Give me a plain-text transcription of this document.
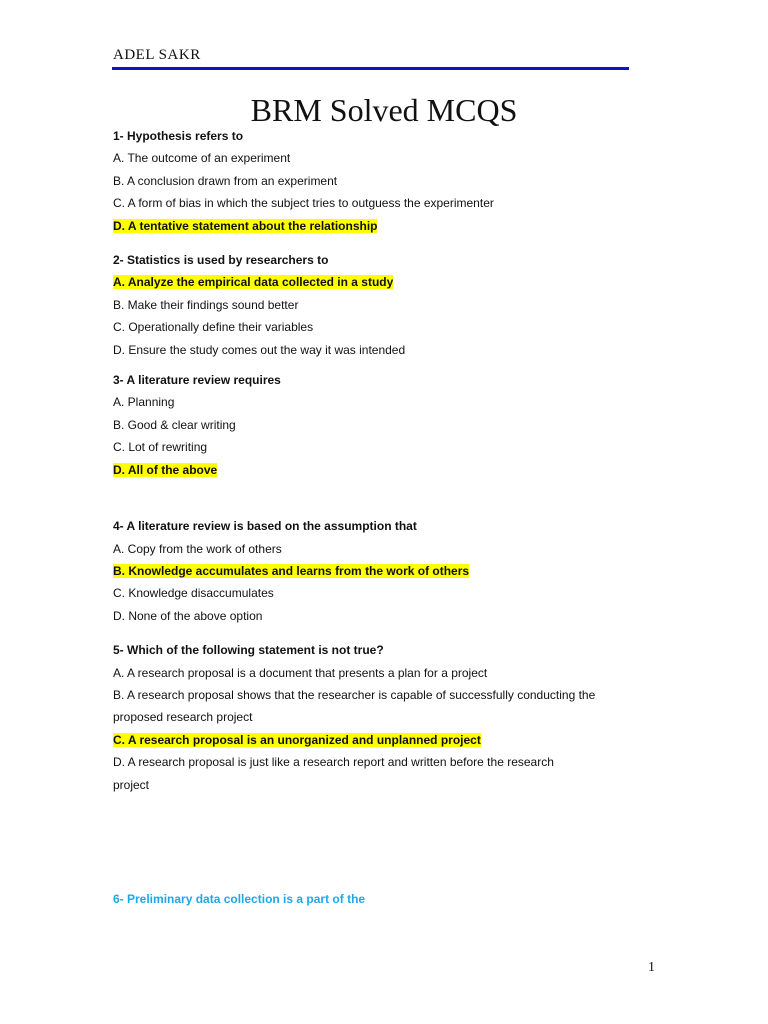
ADEL SAKR
BRM Solved MCQS
1- Hypothesis refers to
A. The outcome of an experiment
B. A conclusion drawn from an experiment
C. A form of bias in which the subject tries to outguess the experimenter
D. A tentative statement about the relationship
2- Statistics is used by researchers to
A. Analyze the empirical data collected in a study
B. Make their findings sound better
C. Operationally define their variables
D. Ensure the study comes out the way it was intended
3- A literature review requires
A. Planning
B. Good & clear writing
C. Lot of rewriting
D. All of the above
4- A literature review is based on the assumption that
A. Copy from the work of others
B. Knowledge accumulates and learns from the work of others
C. Knowledge disaccumulates
D. None of the above option
5- Which of the following statement is not true?
A. A research proposal is a document that presents a plan for a project
B. A research proposal shows that the researcher is capable of successfully conducting the proposed research project
C. A research proposal is an unorganized and unplanned project
D. A research proposal is just like a research report and written before the research project
6- Preliminary data collection is a part of the
1
